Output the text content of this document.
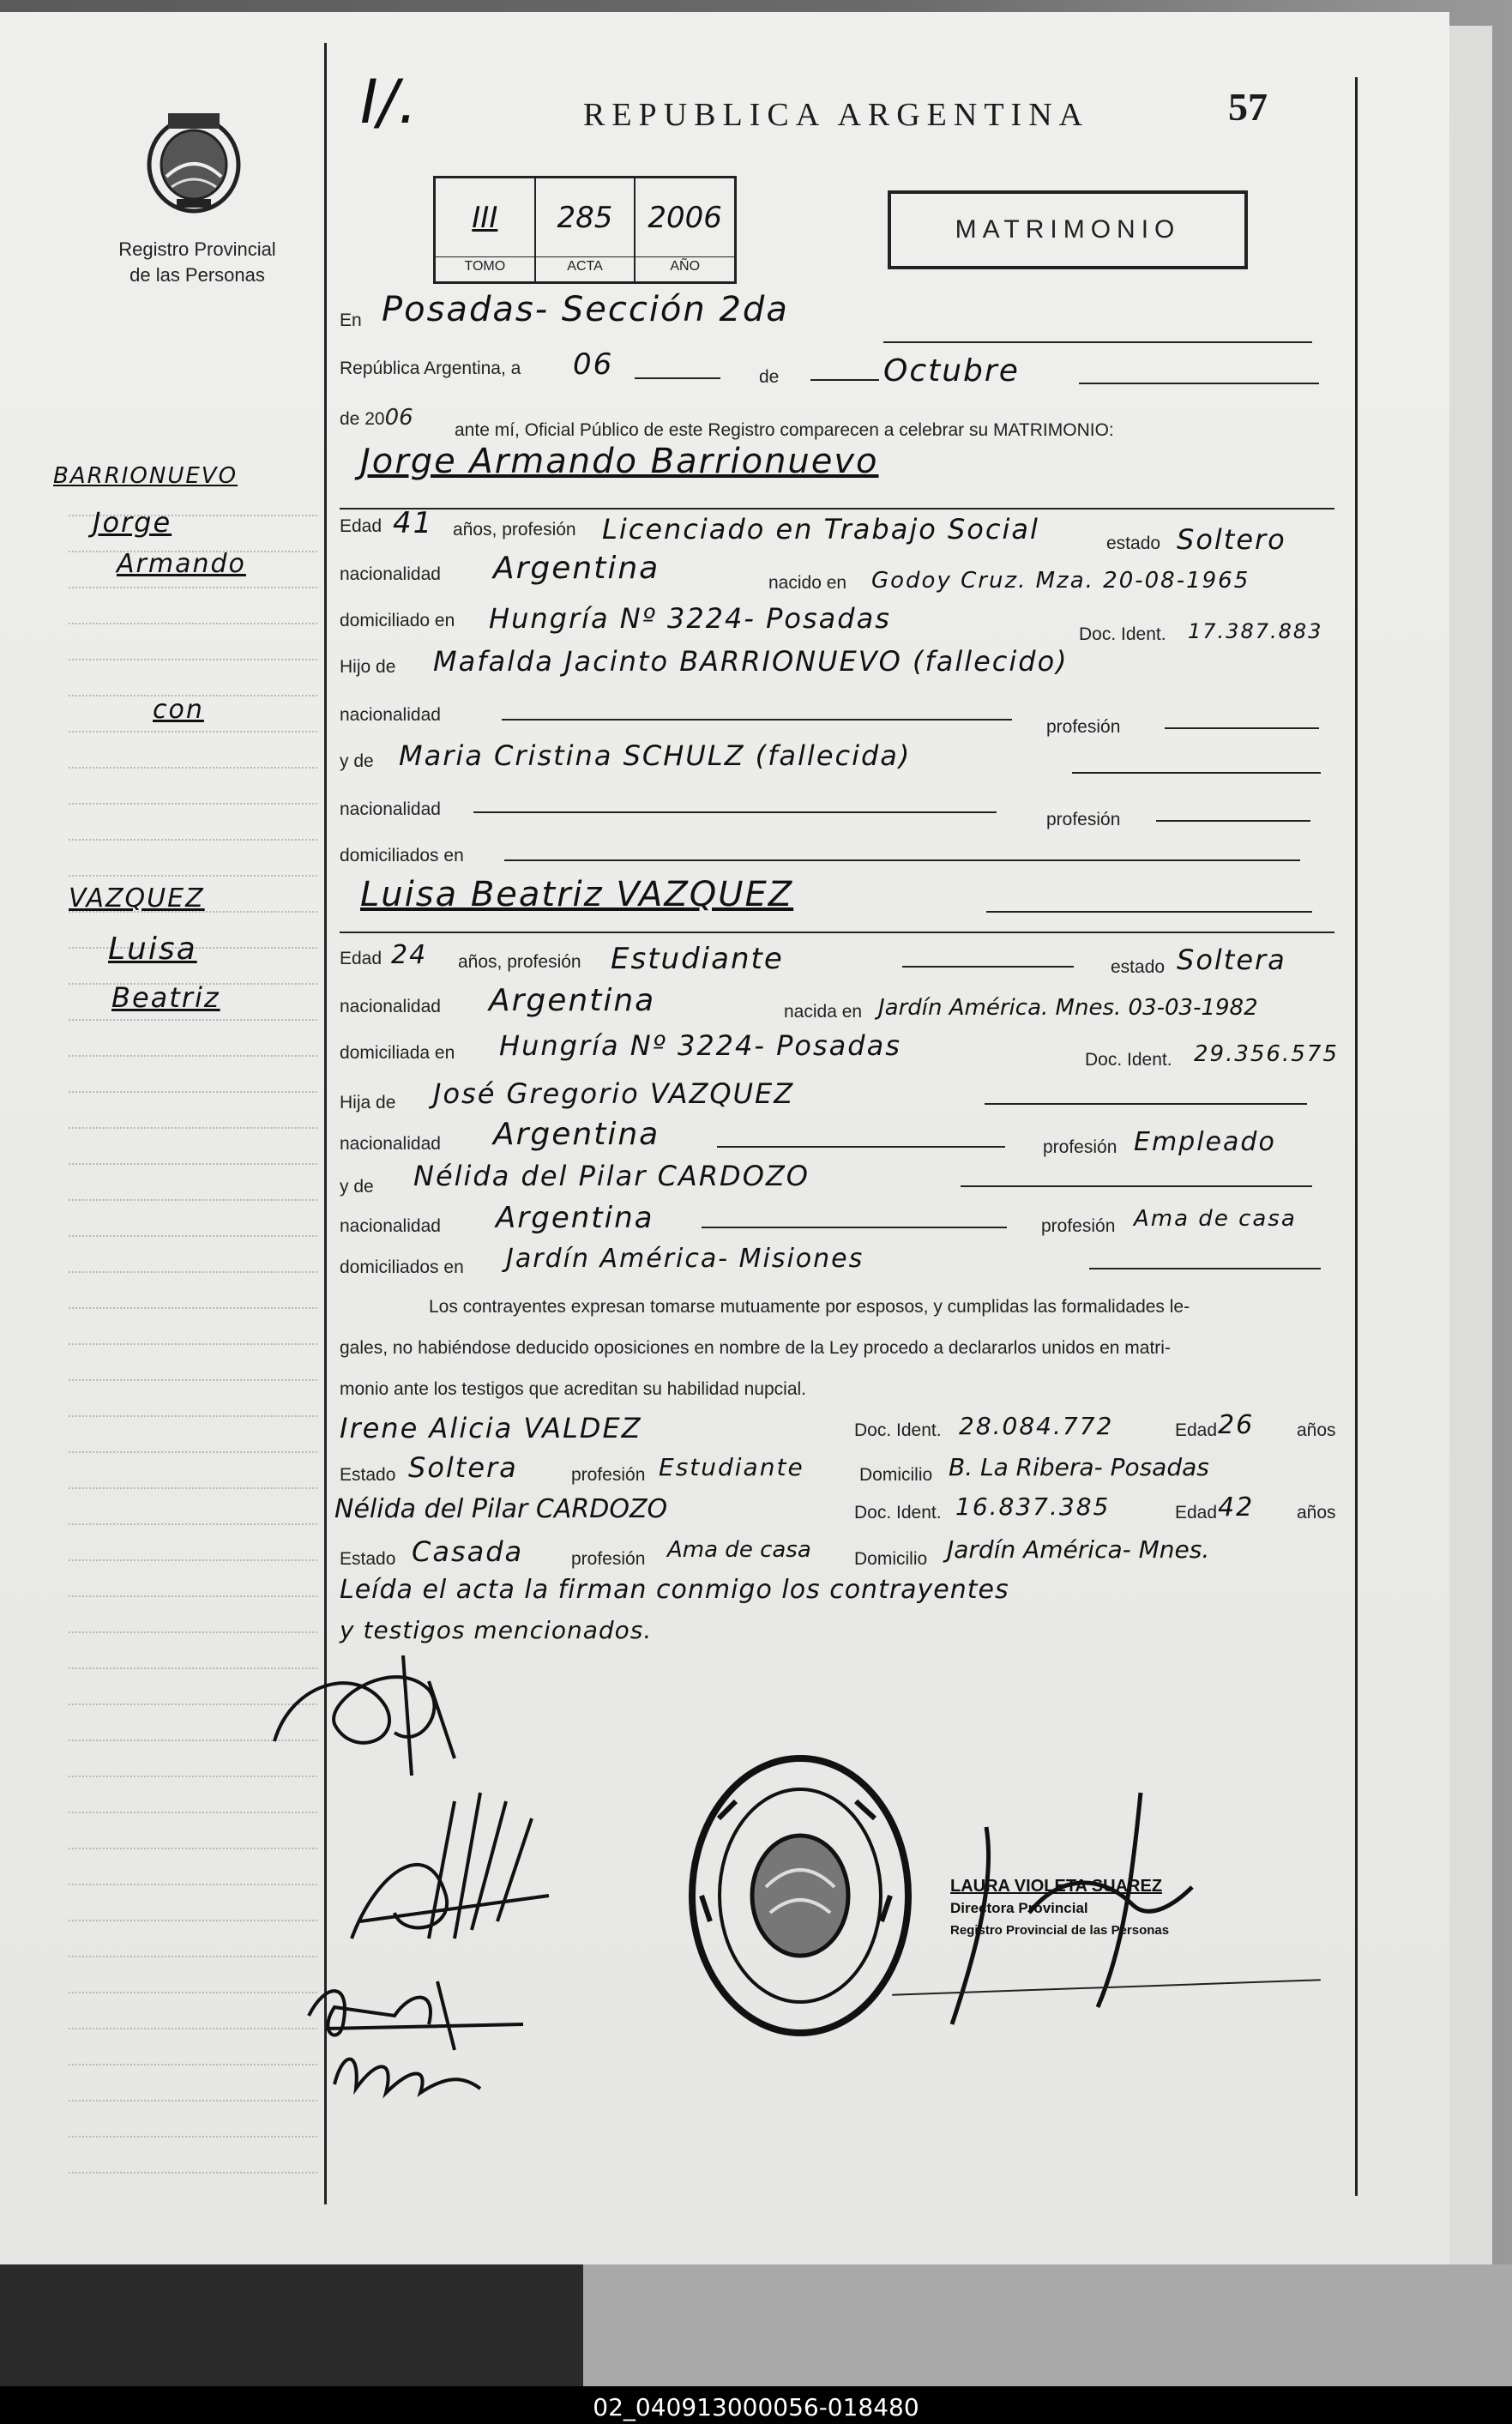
02_040913000056-018480
I/.	REPUBLICA ARGENTINA	57
Registro Provincial
de las Personas
III
TOMO
285
ACTA
2006
AÑO
MATRIMONIO
BARRIONUEVO
Jorge
Armando
con
VAZQUEZ
Luisa
Beatriz
En Posadas- Sección 2da
República Argentina, a 06	de	Octubre
de 2006 ante mí, Oficial Público de este Registro comparecen a celebrar su MATRIMONIO:
Jorge Armando Barrionuevo
Edad 41 años, profesión Licenciado en Trabajo Social	estado Soltero
nacionalidad Argentina	nacido en Godoy Cruz. Mza. 20-08-1965
domiciliado en Hungría Nº 3224- Posadas	Doc. Ident. 17.387.883
Hijo de Mafalda Jacinto BARRIONUEVO (fallecido)
nacionalidad
profesión
y de Maria Cristina SCHULZ (fallecida)
nacionalidad
profesión
domiciliados en
Luisa Beatriz VAZQUEZ
Edad 24 años, profesión Estudiante	estado Soltera
nacionalidad Argentina	nacida en Jardín América. Mnes. 03-03-1982
domiciliada en Hungría Nº 3224- Posadas	Doc. Ident. 29.356.575
Hija de José Gregorio VAZQUEZ
nacionalidad Argentina	profesión Empleado
y de Nélida del Pilar CARDOZO
nacionalidad Argentina	profesión Ama de casa
domiciliados en Jardín América- Misiones
Los contrayentes expresan tomarse mutuamente por esposos, y cumplidas las formalidades le-
gales, no habiéndose deducido oposiciones en nombre de la Ley procedo a declararlos unidos en matri-
monio ante los testigos que acreditan su habilidad nupcial.
Irene Alicia VALDEZ	Doc. Ident. 28.084.772	Edad 26 años
Estado Soltera	profesión Estudiante	Domicilio B. La Ribera- Posadas
Nélida del Pilar CARDOZO	Doc. Ident. 16.837.385	Edad 42 años
Estado Casada	profesión Ama de casa Domicilio Jardín América- Mnes.
Leída el acta la firman conmigo los contrayentes
y testigos mencionados.
LAURA VIOLETA SUAREZ
Directora Provincial
Registro Provincial de las Personas
